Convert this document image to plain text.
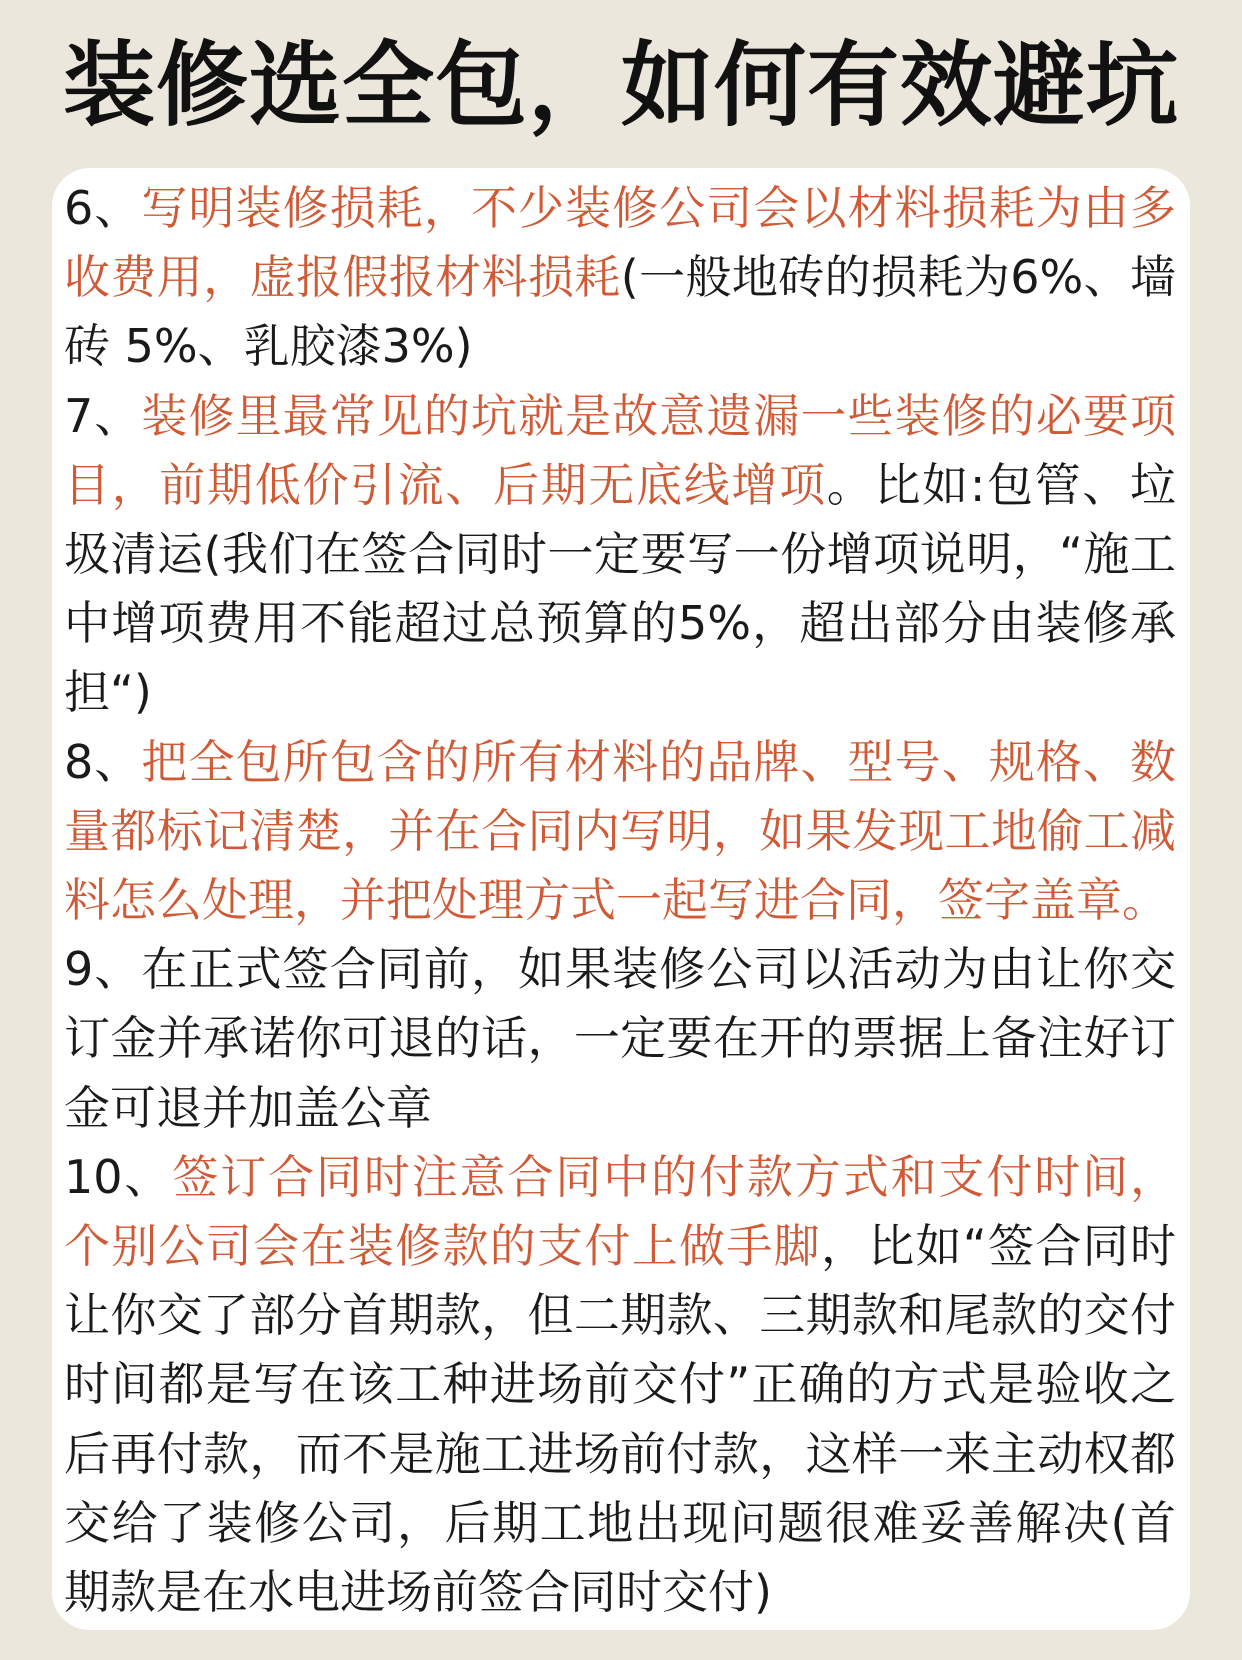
装修选全包，如何有效避坑

6、写明装修损耗，不少装修公司会以材料损耗为由多收费用，虚报假报材料损耗(一般地砖的损耗为6%、墙砖 5%、乳胶漆3%)

7、装修里最常见的坑就是故意遗漏一些装修的必要项目，前期低价引流、后期无底线增项。比如:包管、垃圾清运(我们在签合同时一定要写一份增项说明，“施工中增项费用不能超过总预算的5%，超出部分由装修承担“)

8、把全包所包含的所有材料的品牌、型号、规格、数量都标记清楚，并在合同内写明，如果发现工地偷工减料怎么处理，并把处理方式一起写进合同，签字盖章。

9、在正式签合同前，如果装修公司以活动为由让你交订金并承诺你可退的话，一定要在开的票据上备注好订金可退并加盖公章

10、签订合同时注意合同中的付款方式和支付时间，个别公司会在装修款的支付上做手脚，比如“签合同时让你交了部分首期款，但二期款、三期款和尾款的交付时间都是写在该工种进场前交付”正确的方式是验收之后再付款，而不是施工进场前付款，这样一来主动权都交给了装修公司，后期工地出现问题很难妥善解决(首期款是在水电进场前签合同时交付)
